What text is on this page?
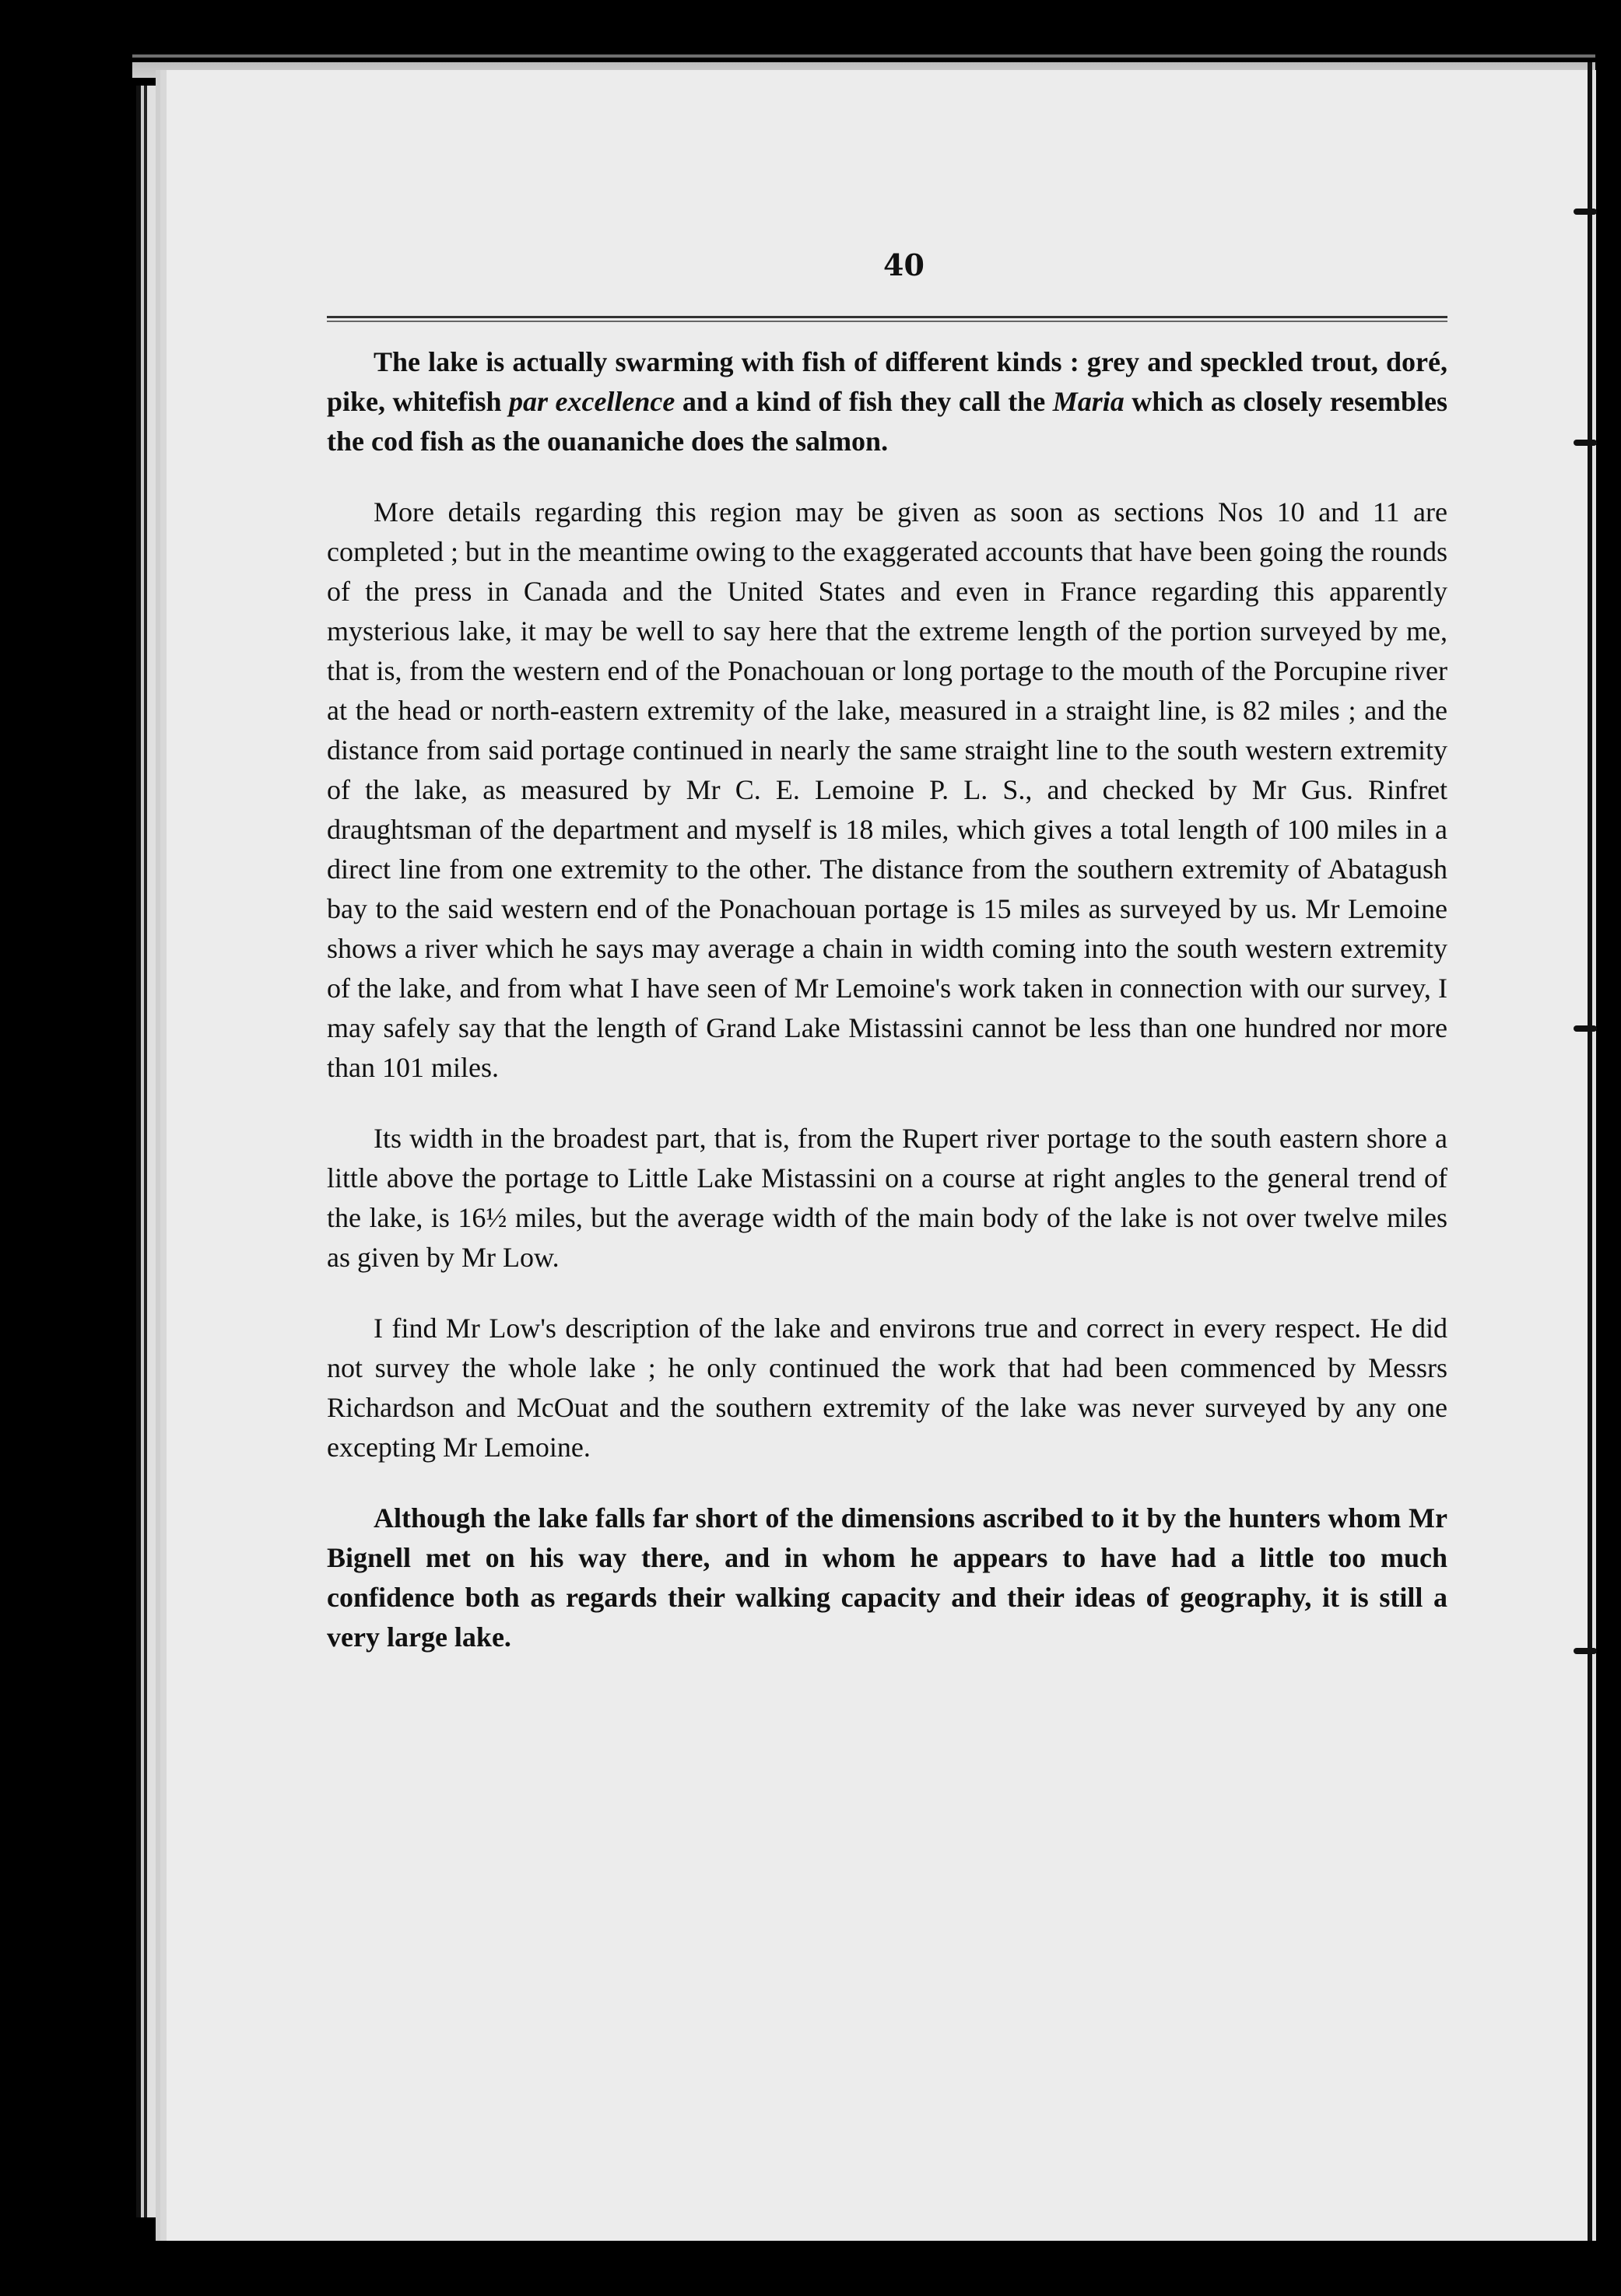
40

The lake is actually swarming with fish of different kinds : grey and speckled trout, doré, pike, whitefish par excellence and a kind of fish they call the Maria which as closely resembles the cod fish as the ouananiche does the salmon.

More details regarding this region may be given as soon as sections Nos 10 and 11 are completed ; but in the meantime owing to the exaggerated accounts that have been going the rounds of the press in Canada and the United States and even in France regarding this apparently mysterious lake, it may be well to say here that the extreme length of the portion surveyed by me, that is, from the western end of the Ponachouan or long portage to the mouth of the Porcupine river at the head or north-eastern extremity of the lake, measured in a straight line, is 82 miles ; and the distance from said portage continued in nearly the same straight line to the south western extremity of the lake, as measured by Mr C. E. Lemoine P. L. S., and checked by Mr Gus. Rinfret draughtsman of the department and myself is 18 miles, which gives a total length of 100 miles in a direct line from one extremity to the other. The distance from the southern extremity of Abatagush bay to the said western end of the Ponachouan portage is 15 miles as surveyed by us. Mr Lemoine shows a river which he says may average a chain in width coming into the south western extremity of the lake, and from what I have seen of Mr Lemoine's work taken in connection with our survey, I may safely say that the length of Grand Lake Mistassini cannot be less than one hundred nor more than 101 miles.

Its width in the broadest part, that is, from the Rupert river portage to the south eastern shore a little above the portage to Little Lake Mistassini on a course at right angles to the general trend of the lake, is 16½ miles, but the average width of the main body of the lake is not over twelve miles as given by Mr Low.

I find Mr Low's description of the lake and environs true and correct in every respect. He did not survey the whole lake ; he only continued the work that had been commenced by Messrs Richardson and McOuat and the southern extremity of the lake was never surveyed by any one excepting Mr Lemoine.

Although the lake falls far short of the dimensions ascribed to it by the hunters whom Mr Bignell met on his way there, and in whom he appears to have had a little too much confidence both as regards their walking capacity and their ideas of geography, it is still a very large lake.
